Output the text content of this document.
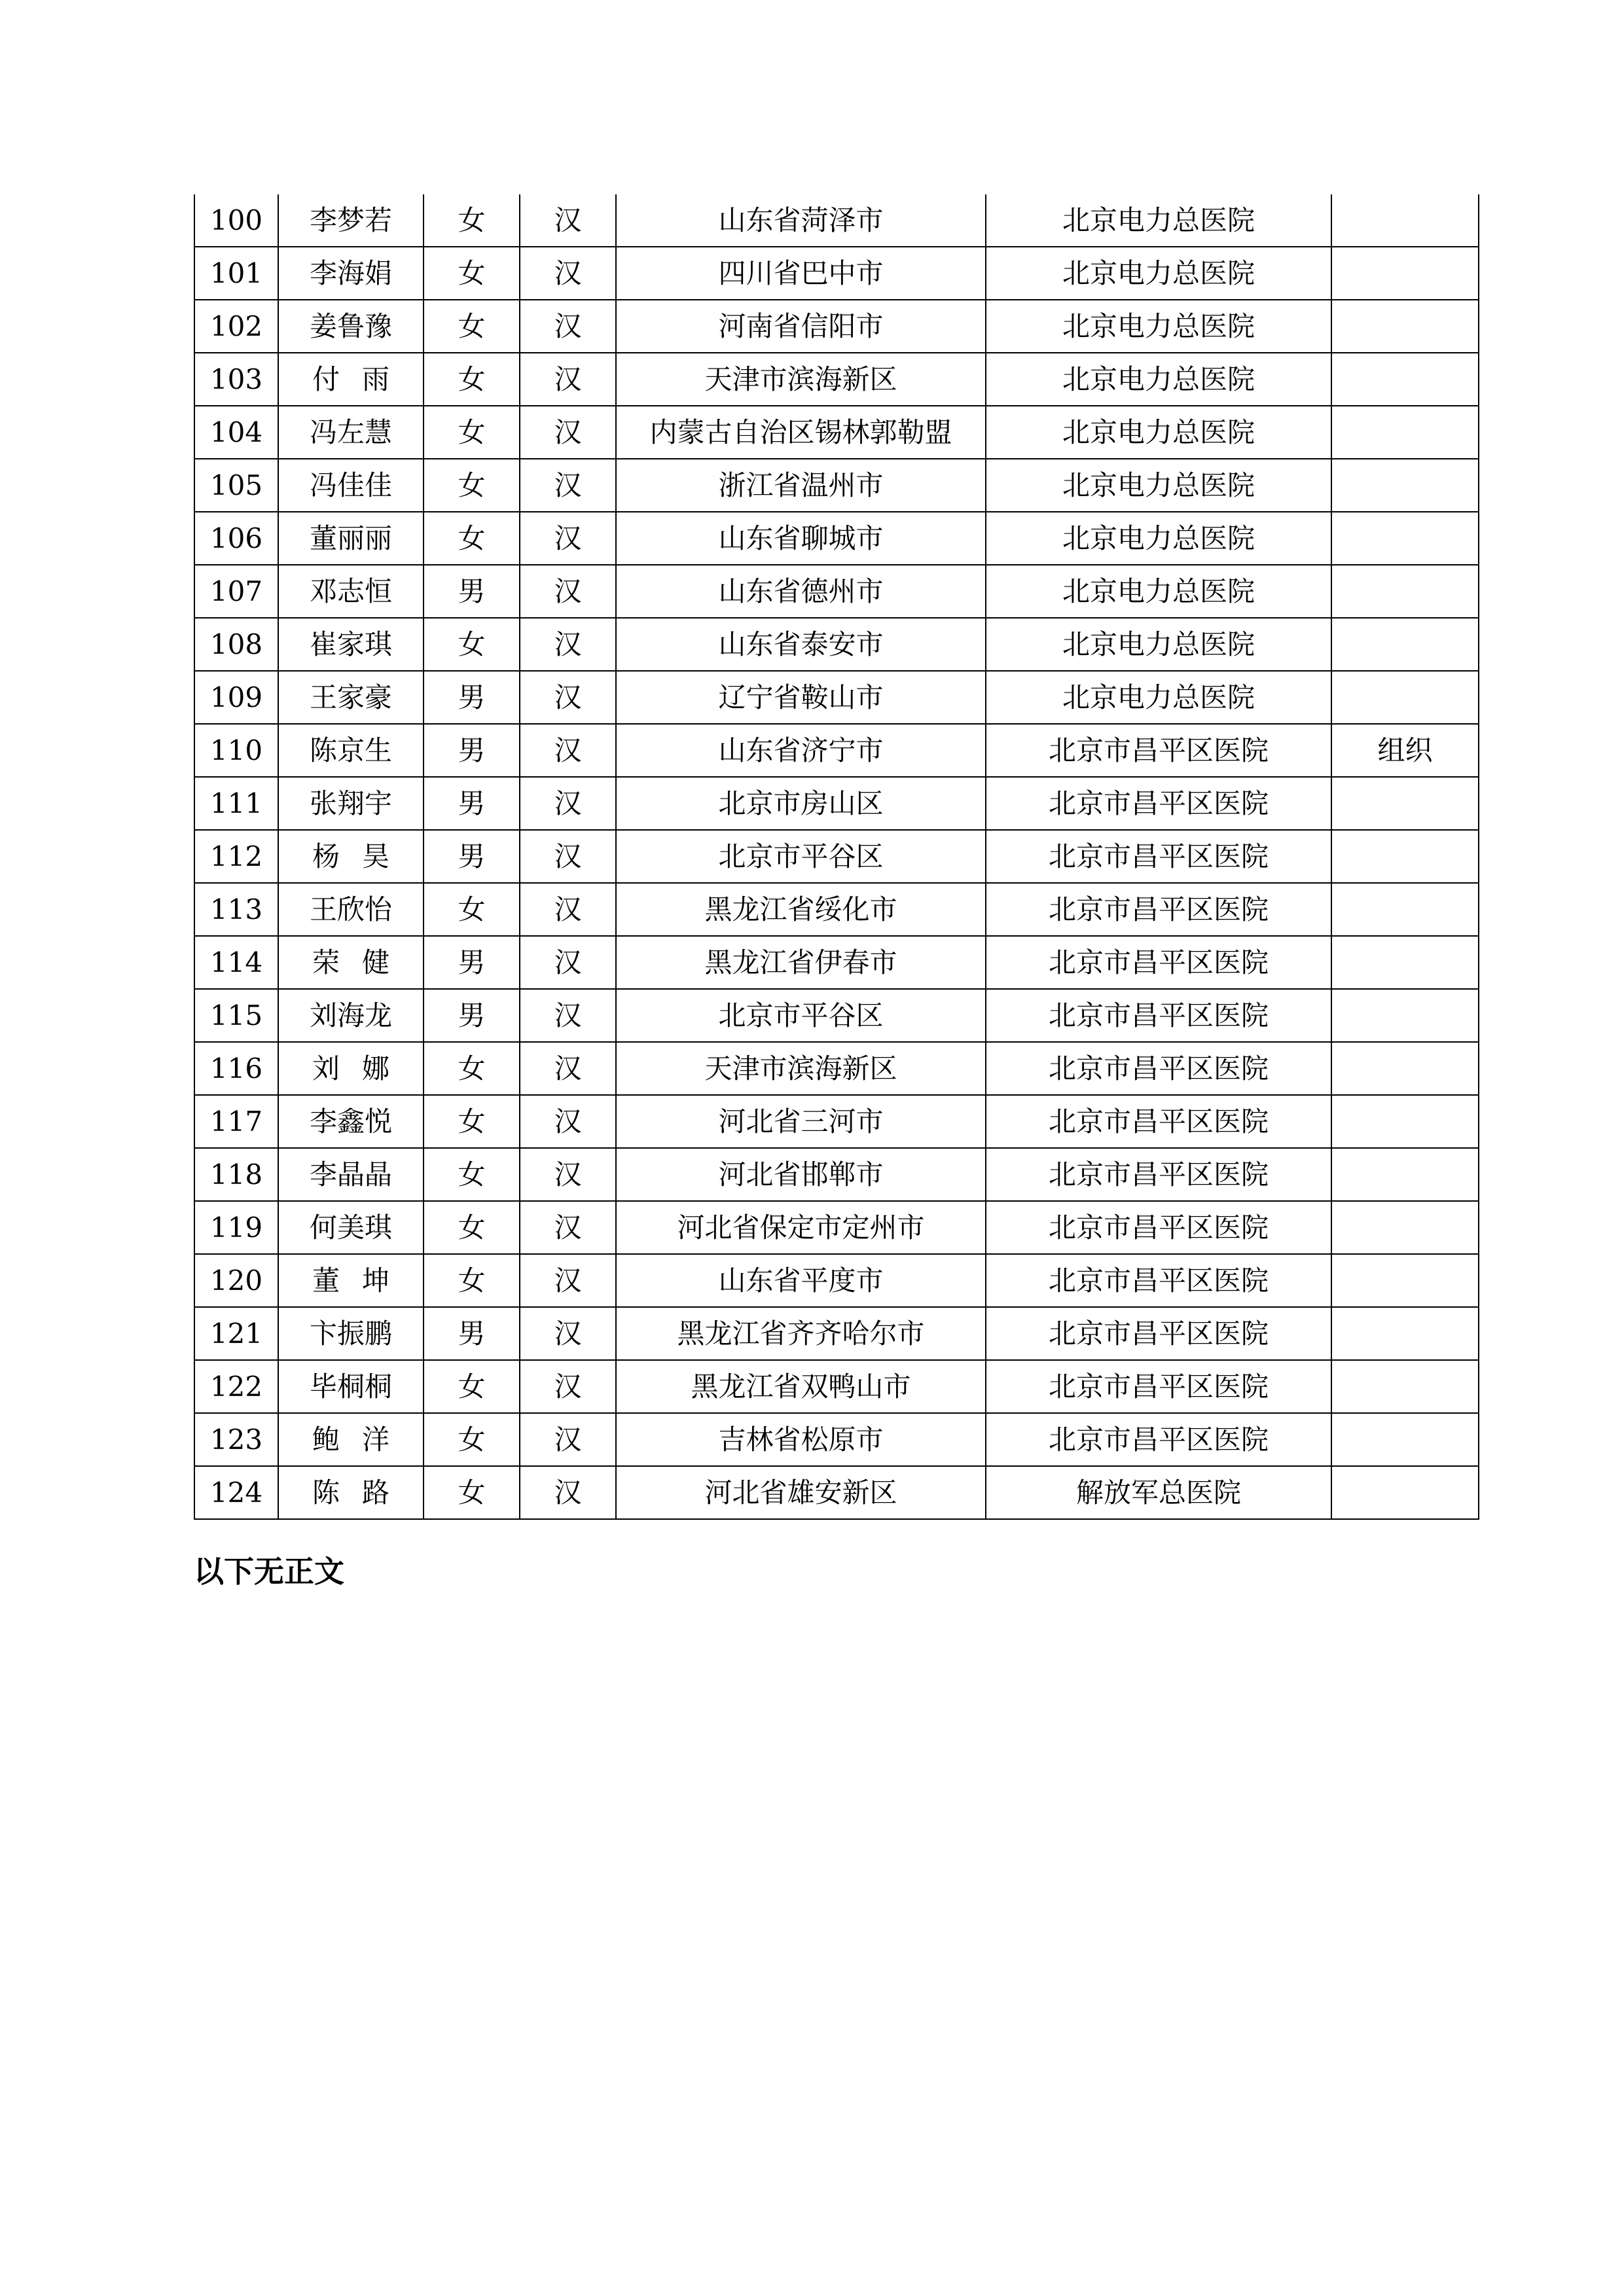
100	李梦若	女	汉	山东省菏泽市	北京电力总医院	
101	李海娟	女	汉	四川省巴中市	北京电力总医院	
102	姜鲁豫	女	汉	河南省信阳市	北京电力总医院	
103	付雨	女	汉	天津市滨海新区	北京电力总医院	
104	冯左慧	女	汉	内蒙古自治区锡林郭勒盟	北京电力总医院	
105	冯佳佳	女	汉	浙江省温州市	北京电力总医院	
106	董丽丽	女	汉	山东省聊城市	北京电力总医院	
107	邓志恒	男	汉	山东省德州市	北京电力总医院	
108	崔家琪	女	汉	山东省泰安市	北京电力总医院	
109	王家豪	男	汉	辽宁省鞍山市	北京电力总医院	
110	陈京生	男	汉	山东省济宁市	北京市昌平区医院	组织
111	张翔宇	男	汉	北京市房山区	北京市昌平区医院	
112	杨昊	男	汉	北京市平谷区	北京市昌平区医院	
113	王欣怡	女	汉	黑龙江省绥化市	北京市昌平区医院	
114	荣健	男	汉	黑龙江省伊春市	北京市昌平区医院	
115	刘海龙	男	汉	北京市平谷区	北京市昌平区医院	
116	刘娜	女	汉	天津市滨海新区	北京市昌平区医院	
117	李鑫悦	女	汉	河北省三河市	北京市昌平区医院	
118	李晶晶	女	汉	河北省邯郸市	北京市昌平区医院	
119	何美琪	女	汉	河北省保定市定州市	北京市昌平区医院	
120	董坤	女	汉	山东省平度市	北京市昌平区医院	
121	卞振鹏	男	汉	黑龙江省齐齐哈尔市	北京市昌平区医院	
122	毕桐桐	女	汉	黑龙江省双鸭山市	北京市昌平区医院	
123	鲍洋	女	汉	吉林省松原市	北京市昌平区医院	
124	陈路	女	汉	河北省雄安新区	解放军总医院	
以下无正文
